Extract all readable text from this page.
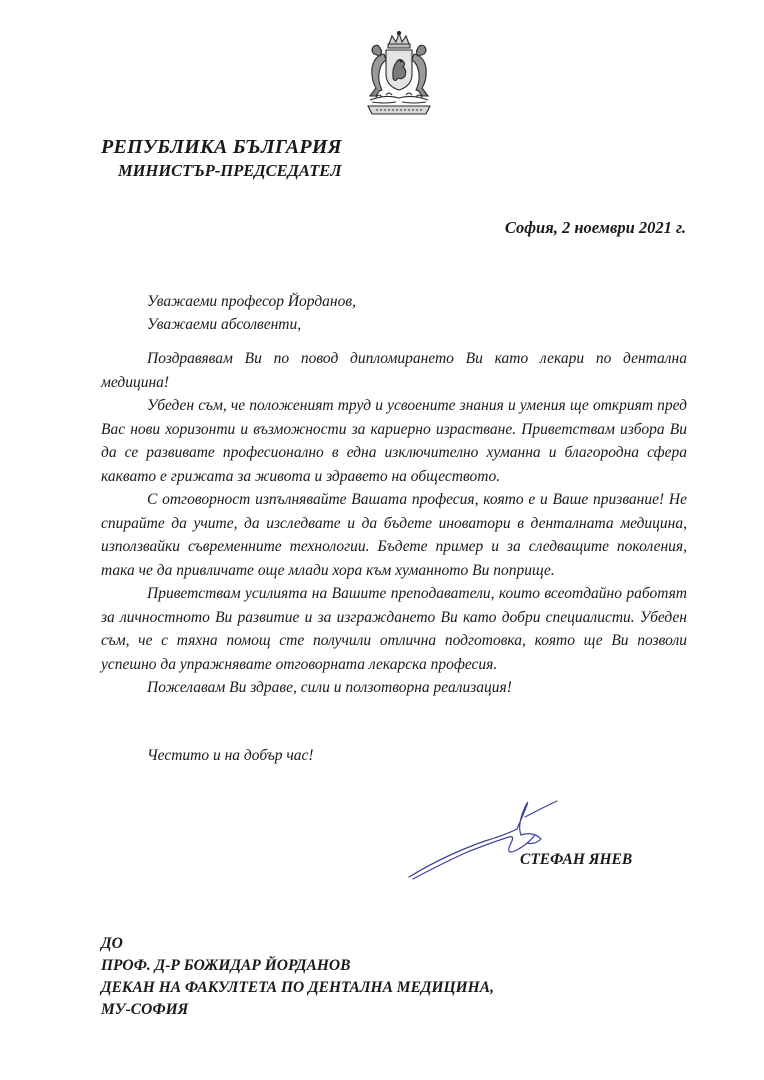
РЕПУБЛИКА БЪЛГАРИЯ
МИНИСТЪР-ПРЕДСЕДАТЕЛ
София, 2 ноември 2021 г.
Уважаеми професор Йорданов,
Уважаеми абсолвенти,

Поздравявам Ви по повод дипломирането Ви като лекари по дентална медицина!

Убеден съм, че положеният труд и усвоените знания и умения ще открият пред Вас нови хоризонти и възможности за кариерно израстване. Приветствам избора Ви да се развивате професионално в една изключително хуманна и благородна сфера каквато е грижата за живота и здравето на обществото.

С отговорност изпълнявайте Вашата професия, която е и Ваше призвание! Не спирайте да учите, да изследвате и да бъдете иноватори в денталната медицина, използвайки съвременните технологии. Бъдете пример и за следващите поколения, така че да привличате още млади хора към хуманното Ви поприще.

Приветствам усилията на Вашите преподаватели, които всеотдайно работят за личностното Ви развитие и за изграждането Ви като добри специалисти. Убеден съм, че с тяхна помощ сте получили отлична подготовка, която ще Ви позволи успешно да упражнявате отговорната лекарска професия.

Пожелавам Ви здраве, сили и ползотворна реализация!

Честито и на добър час!
СТЕФАН ЯНЕВ
ДО
ПРОФ. Д-Р БОЖИДАР ЙОРДАНОВ
ДЕКАН НА ФАКУЛТЕТА ПО ДЕНТАЛНА МЕДИЦИНА,
МУ-СОФИЯ
